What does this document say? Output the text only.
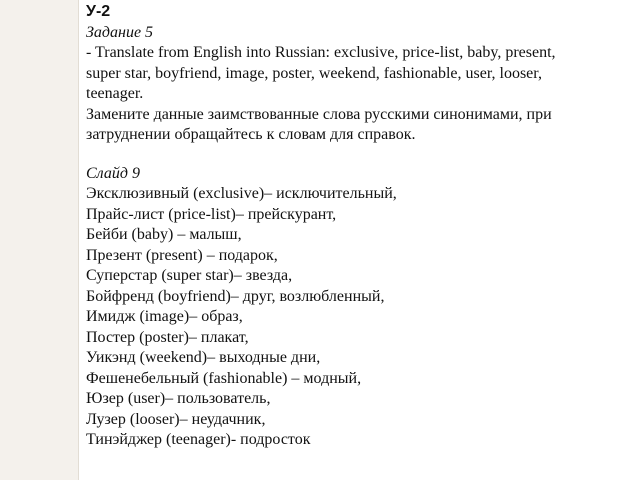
У-2
Задание 5
- Translate from English into Russian: exclusive, price-list, baby, present,
super star, boyfriend, image, poster, weekend, fashionable, user, looser,
teenager.
Замените данные заимствованные слова русскими синонимами, при
затруднении обращайтесь к словам для справок.
Слайд 9
Эксклюзивный (exclusive)– исключительный,
Прайс-лист (price-list)– прейскурант,
Бейби (baby) – малыш,
Презент (present) – подарок,
Суперстар (super star)– звезда,
Бойфренд (boyfriend)– друг, возлюбленный,
Имидж (image)– образ,
Постер (poster)– плакат,
Уикэнд (weekend)– выходные дни,
Фешенебельный (fashionable) – модный,
Юзер (user)– пользователь,
Лузер (looser)– неудачник,
Тинэйджер (teenager)- подросток
